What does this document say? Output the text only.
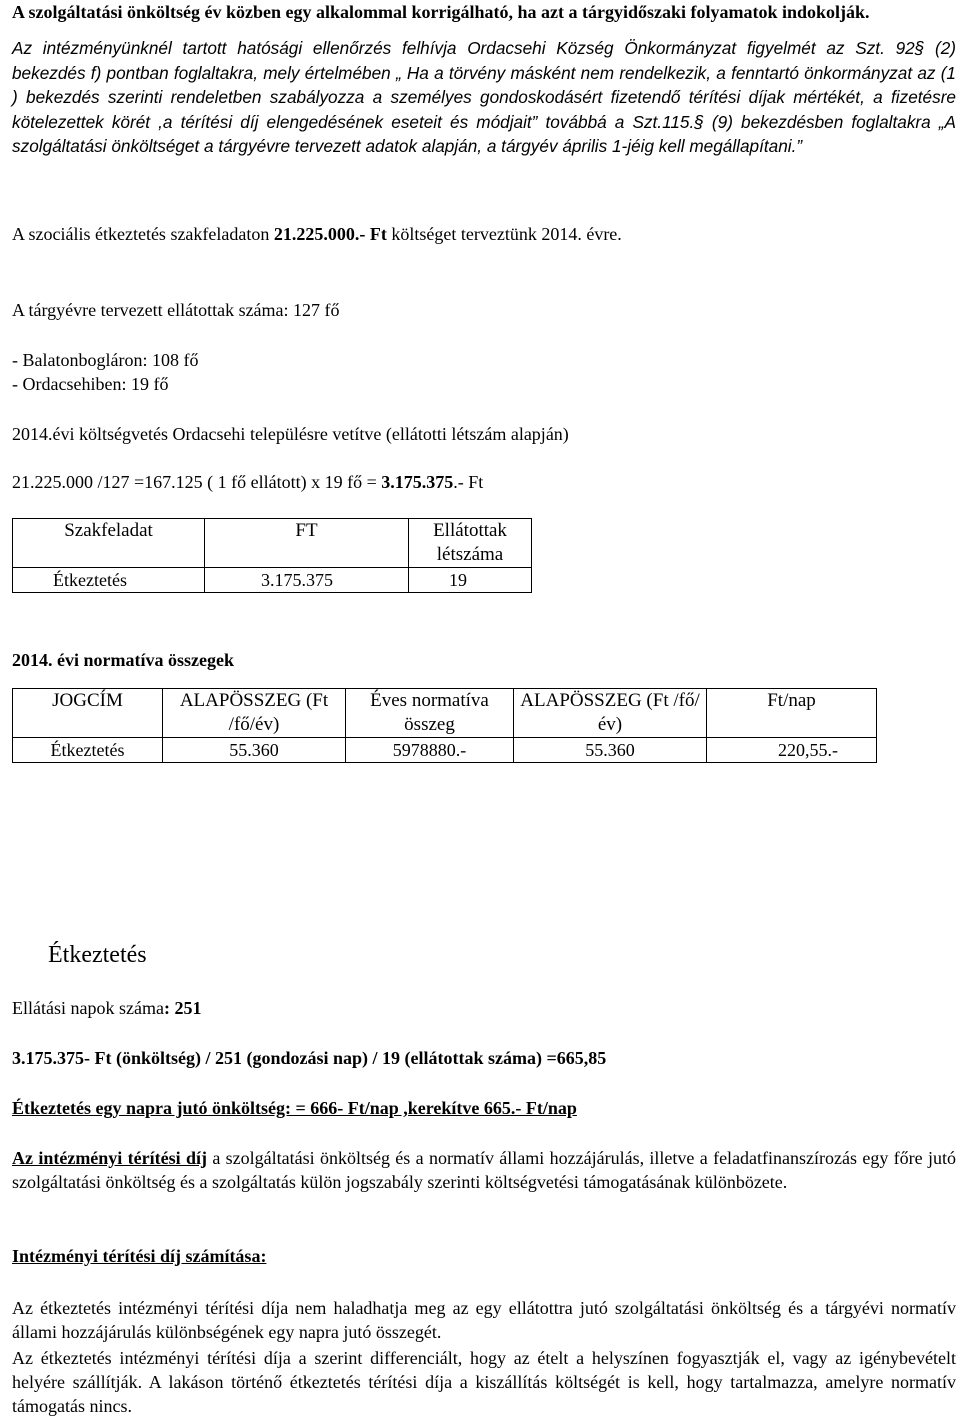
A szolgáltatási önköltség év közben egy alkalommal korrigálható, ha azt a tárgyidőszaki folyamatok indokolják.

Az intézményünknél tartott hatósági ellenőrzés felhívja Ordacsehi Község Önkormányzat figyelmét az Szt. 92§ (2) bekezdés f) pontban foglaltakra, mely értelmében „ Ha a törvény másként nem rendelkezik, a fenntartó önkormányzat az (1 ) bekezdés szerinti rendeletben szabályozza a személyes gondoskodásért fizetendő térítési díjak mértékét, a fizetésre kötelezettek körét ,a térítési díj elengedésének eseteit és módjait” továbbá a Szt.115.§ (9) bekezdésben foglaltakra „A szolgáltatási önköltséget a tárgyévre tervezett adatok alapján, a tárgyév április 1-jéig kell megállapítani.”

A szociális étkeztetés szakfeladaton 21.225.000.- Ft költséget terveztünk 2014. évre.

A tárgyévre tervezett ellátottak száma: 127 fő

- Balatonbogláron: 108 fő

- Ordacsehiben: 19 fő

2014.évi költségvetés Ordacsehi településre vetítve (ellátotti létszám alapján)

21.225.000 /127 =167.125 ( 1 fő ellátott) x 19 fő = 3.175.375.- Ft

Szakfeladat	FT	Ellátottak létszáma
Étkeztetés	3.175.375	19

2014. évi normatíva összegek

JOGCÍM	ALAPÖSSZEG (Ft /fő/év)	Éves normatíva összeg	ALAPÖSSZEG (Ft /fő/év)	Ft/nap
Étkeztetés	55.360	5978880.-	55.360	220,55.-

Étkeztetés

Ellátási napok száma: 251

3.175.375- Ft (önköltség) / 251 (gondozási nap) / 19 (ellátottak száma) =665,85

Étkeztetés egy napra jutó önköltség: = 666- Ft/nap ,kerekítve 665.- Ft/nap

Az intézményi térítési díj a szolgáltatási önköltség és a normatív állami hozzájárulás, illetve a feladatfinanszírozás egy főre jutó szolgáltatási önköltség és a szolgáltatás külön jogszabály szerinti költségvetési támogatásának különbözete.

Intézményi térítési díj számítása:

Az étkeztetés intézményi térítési díja nem haladhatja meg az egy ellátottra jutó szolgáltatási önköltség és a tárgyévi normatív állami hozzájárulás különbségének egy napra jutó összegét.

Az étkeztetés intézményi térítési díja a szerint differenciált, hogy az ételt a helyszínen fogyasztják el, vagy az igénybevételt helyére szállítják. A lakáson történő étkeztetés térítési díja a kiszállítás költségét is kell, hogy tartalmazza, amelyre normatív támogatás nincs.
